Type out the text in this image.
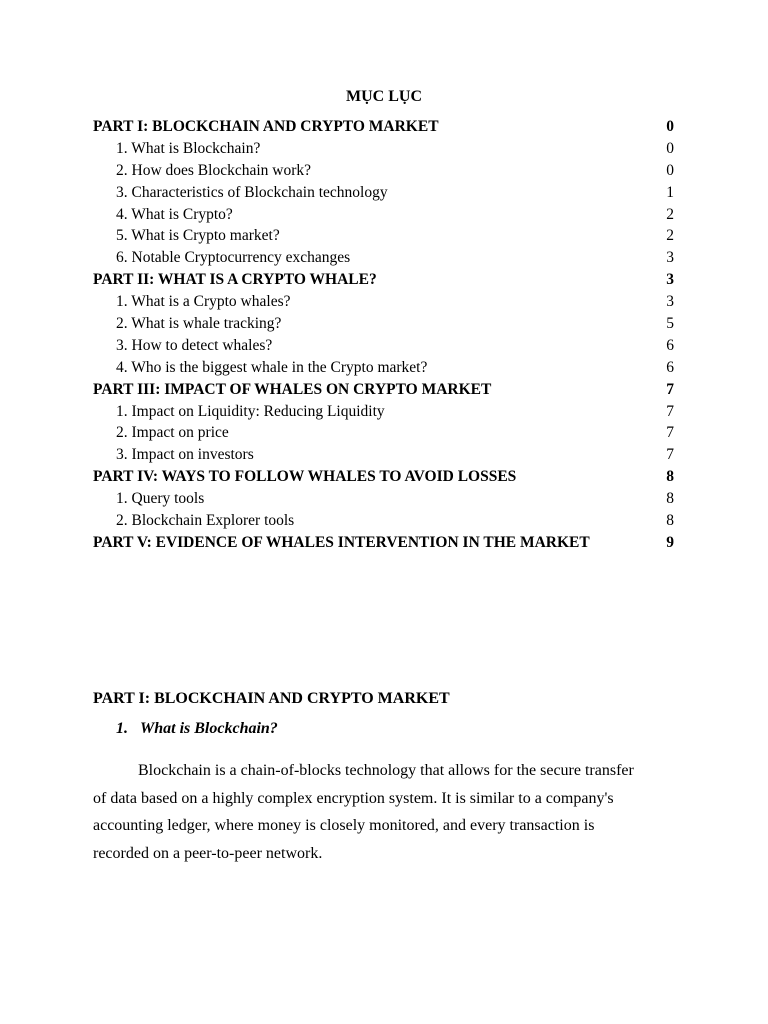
MỤC LỤC
PART I: BLOCKCHAIN AND CRYPTO MARKET	0
1. What is Blockchain?	0
2. How does Blockchain work?	0
3. Characteristics of Blockchain technology	1
4. What is Crypto?	2
5. What is Crypto market?	2
6. Notable Cryptocurrency exchanges	3
PART II: WHAT IS A CRYPTO WHALE?	3
1. What is a Crypto whales?	3
2. What is whale tracking?	5
3. How to detect whales?	6
4. Who is the biggest whale in the Crypto market?	6
PART III: IMPACT OF WHALES ON CRYPTO MARKET	7
1. Impact on Liquidity: Reducing Liquidity	7
2. Impact on price	7
3. Impact on investors	7
PART IV: WAYS TO FOLLOW WHALES TO AVOID LOSSES	8
1. Query tools	8
2. Blockchain Explorer tools	8
PART V: EVIDENCE OF WHALES INTERVENTION IN THE MARKET	9
PART I: BLOCKCHAIN AND CRYPTO MARKET
1. What is Blockchain?
Blockchain is a chain-of-blocks technology that allows for the secure transfer
of data based on a highly complex encryption system. It is similar to a company's
accounting ledger, where money is closely monitored, and every transaction is
recorded on a peer-to-peer network.
